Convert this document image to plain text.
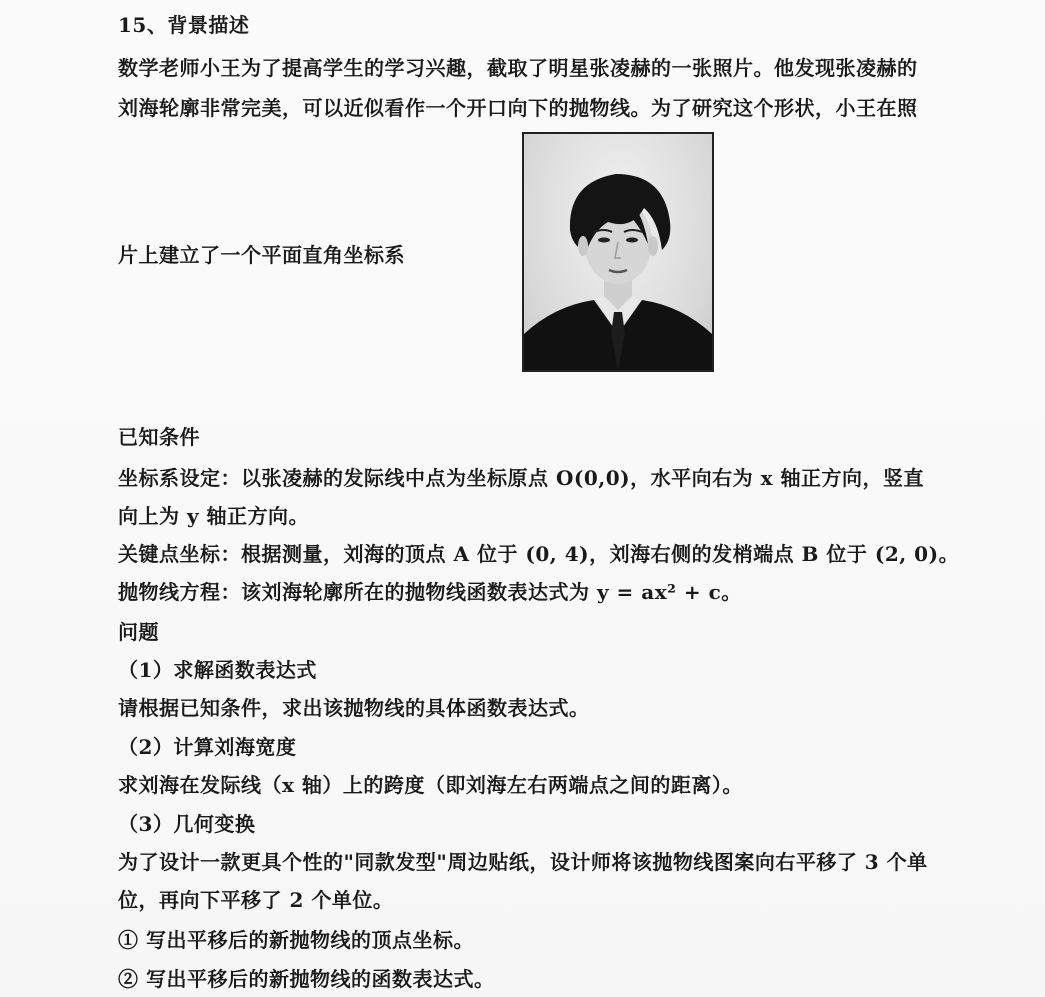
15、背景描述
数学老师小王为了提高学生的学习兴趣，截取了明星张凌赫的一张照片。他发现张凌赫的
刘海轮廓非常完美，可以近似看作一个开口向下的抛物线。为了研究这个形状，小王在照
片上建立了一个平面直角坐标系
已知条件
坐标系设定：以张凌赫的发际线中点为坐标原点 O(0,0)，水平向右为 x 轴正方向，竖直
向上为 y 轴正方向。
关键点坐标：根据测量，刘海的顶点 A 位于 (0, 4)，刘海右侧的发梢端点 B 位于 (2, 0)。
抛物线方程：该刘海轮廓所在的抛物线函数表达式为 y = ax² + c。
问题
（1）求解函数表达式
请根据已知条件，求出该抛物线的具体函数表达式。
（2）计算刘海宽度
求刘海在发际线（x 轴）上的跨度（即刘海左右两端点之间的距离）。
（3）几何变换
为了设计一款更具个性的"同款发型"周边贴纸，设计师将该抛物线图案向右平移了 3 个单
位，再向下平移了 2 个单位。
① 写出平移后的新抛物线的顶点坐标。
② 写出平移后的新抛物线的函数表达式。
